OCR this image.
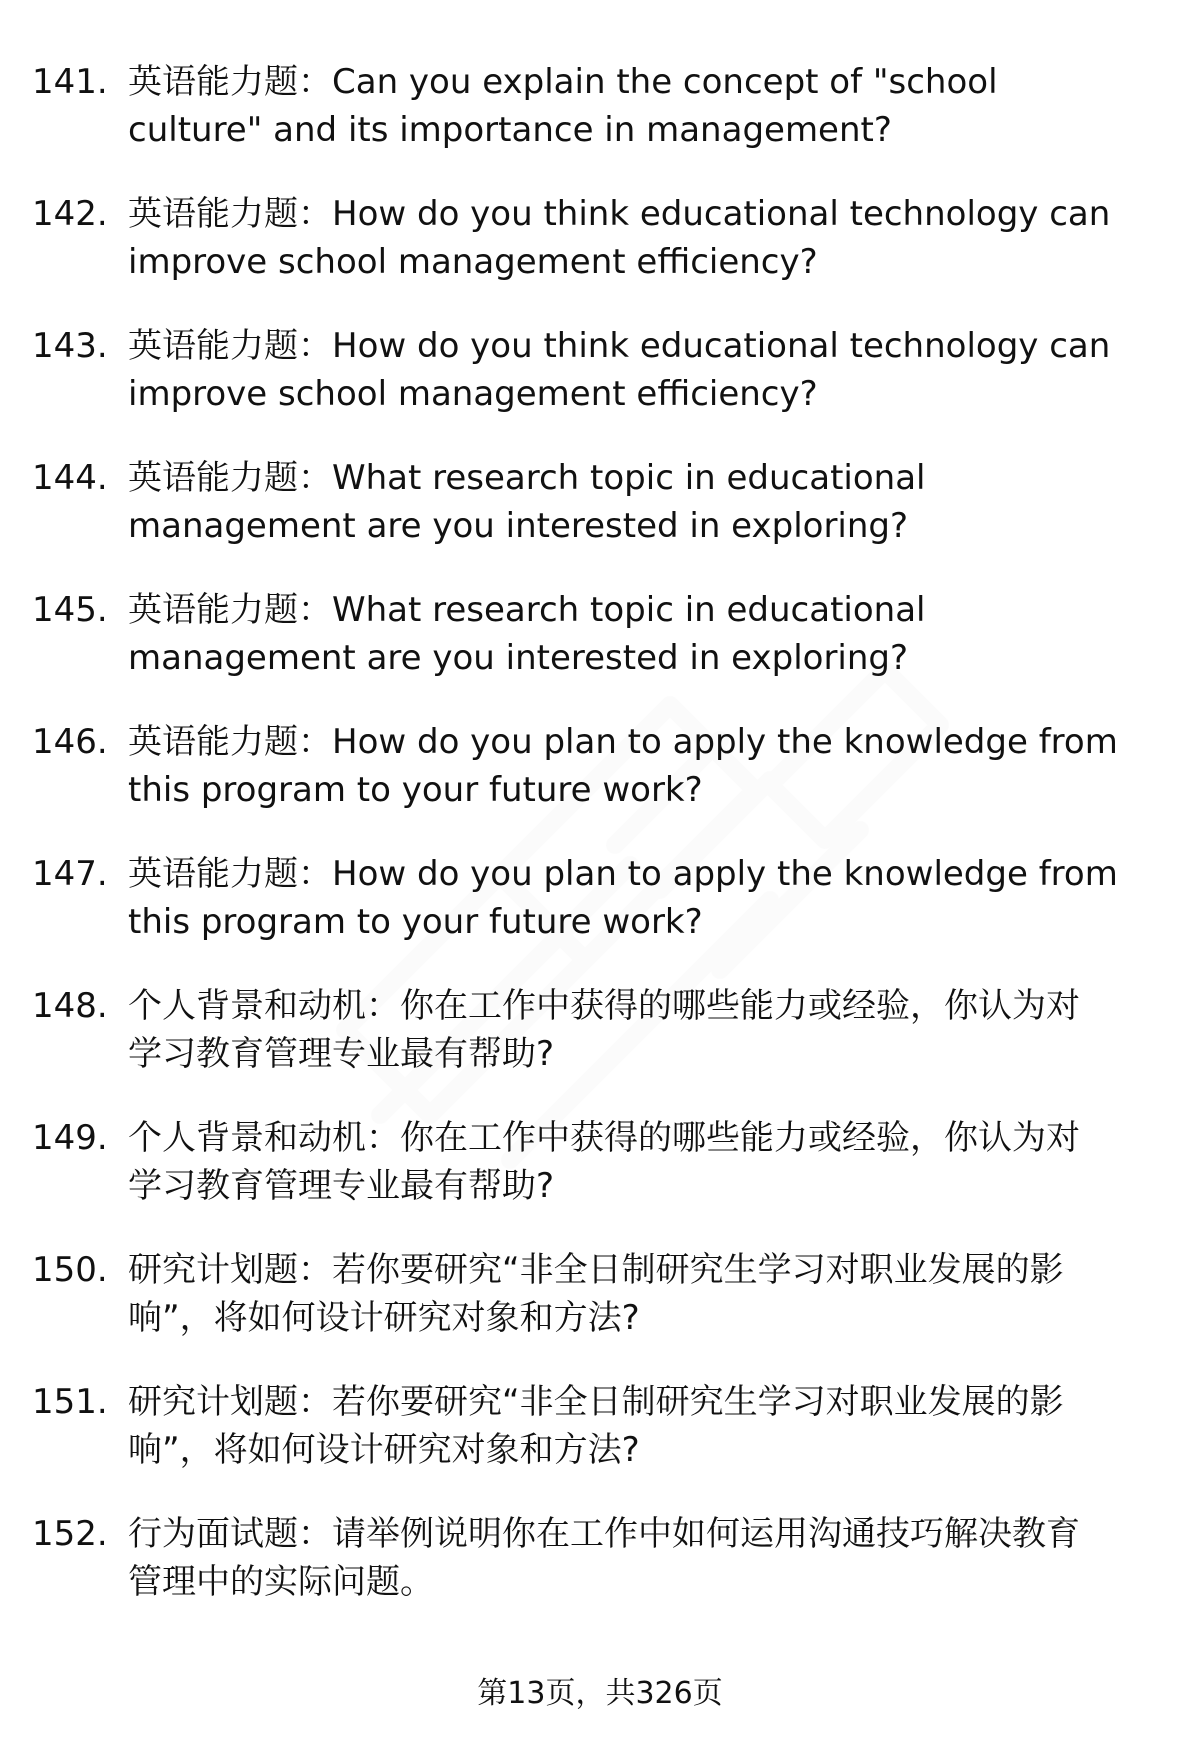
141. 英语能力题：Can you explain the concept of "school
culture" and its importance in management?
142. 英语能力题：How do you think educational technology can
improve school management efficiency?
143. 英语能力题：How do you think educational technology can
improve school management efficiency?
144. 英语能力题：What research topic in educational
management are you interested in exploring?
145. 英语能力题：What research topic in educational
management are you interested in exploring?
146. 英语能力题：How do you plan to apply the knowledge from
this program to your future work?
147. 英语能力题：How do you plan to apply the knowledge from
this program to your future work?
148. 个人背景和动机：你在工作中获得的哪些能力或经验，你认为对
学习教育管理专业最有帮助?
149. 个人背景和动机：你在工作中获得的哪些能力或经验，你认为对
学习教育管理专业最有帮助?
150. 研究计划题：若你要研究“非全日制研究生学习对职业发展的影
响”，将如何设计研究对象和方法?
151. 研究计划题：若你要研究“非全日制研究生学习对职业发展的影
响”，将如何设计研究对象和方法?
152. 行为面试题：请举例说明你在工作中如何运用沟通技巧解决教育
管理中的实际问题。
第13页，共326页
